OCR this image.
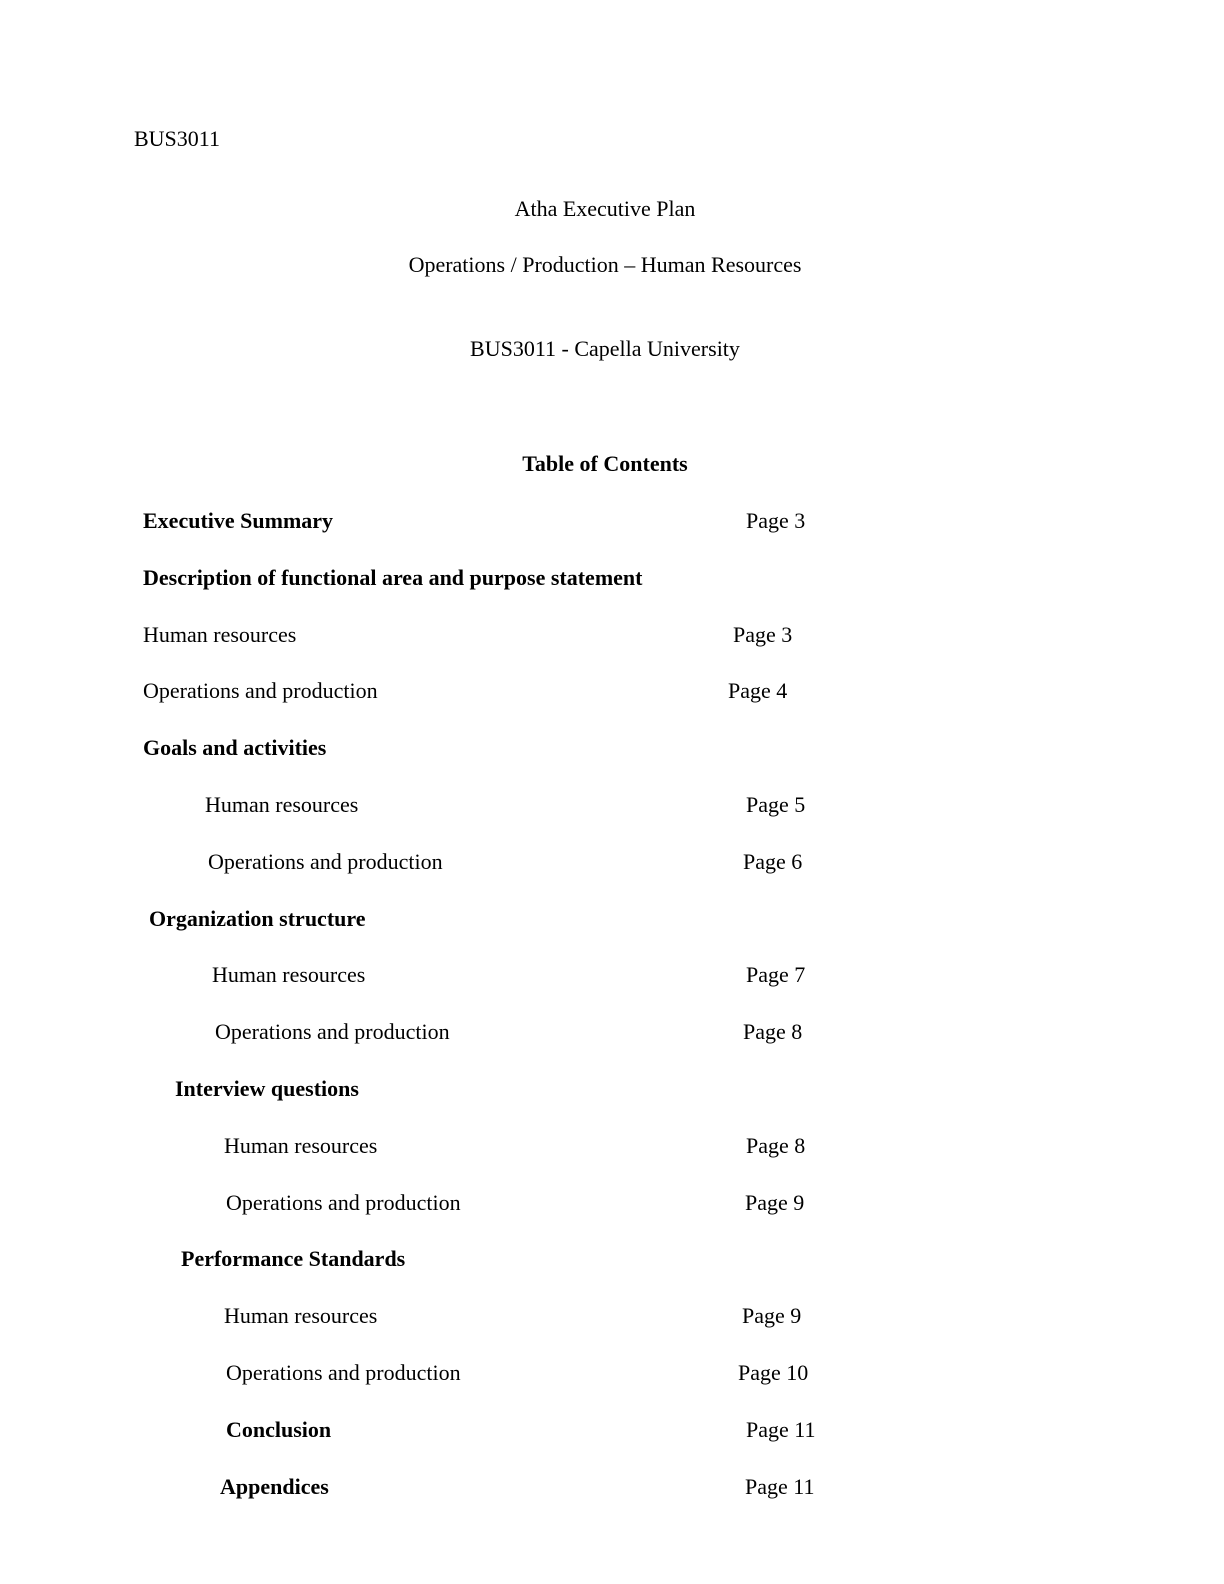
BUS3011
Atha Executive Plan
Operations / Production – Human Resources
BUS3011 - Capella University
Table of Contents
Executive Summary	Page 3
Description of functional area and purpose statement
Human resources	Page 3
Operations and production	Page 4
Goals and activities
Human resources	Page 5
Operations and production	Page 6
Organization structure
Human resources	Page 7
Operations and production	Page 8
Interview questions
Human resources	Page 8
Operations and production	Page 9
Performance Standards
Human resources	Page 9
Operations and production	Page 10
Conclusion	Page 11
Appendices	Page 11
